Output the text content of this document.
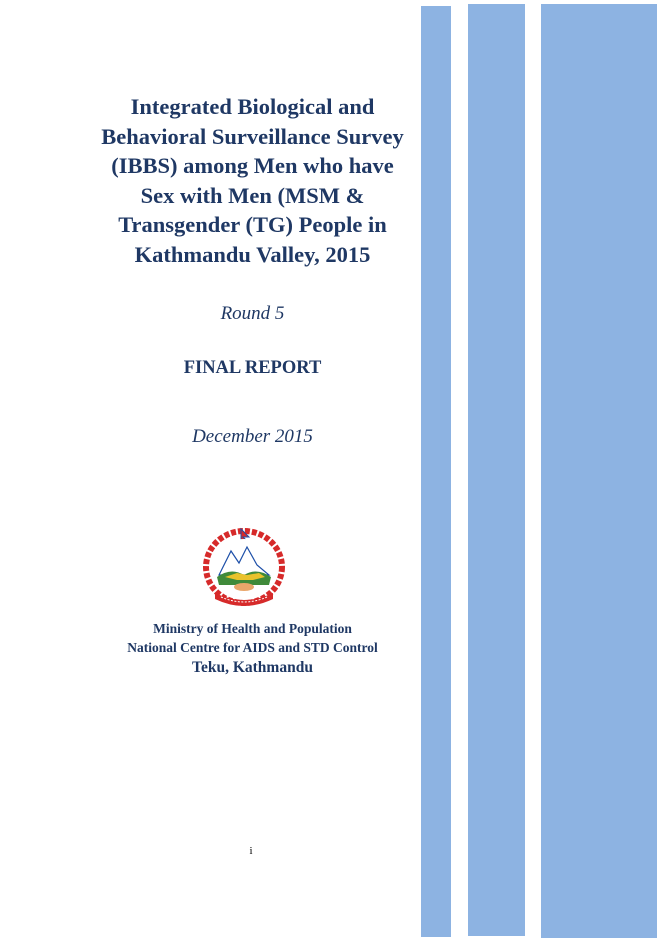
Integrated Biological and
Behavioral Surveillance Survey
(IBBS) among Men who have
Sex with Men (MSM &
Transgender (TG) People in
Kathmandu Valley, 2015
Round 5
FINAL REPORT
December 2015
Ministry of Health and Population
National Centre for AIDS and STD Control
Teku, Kathmandu
i
